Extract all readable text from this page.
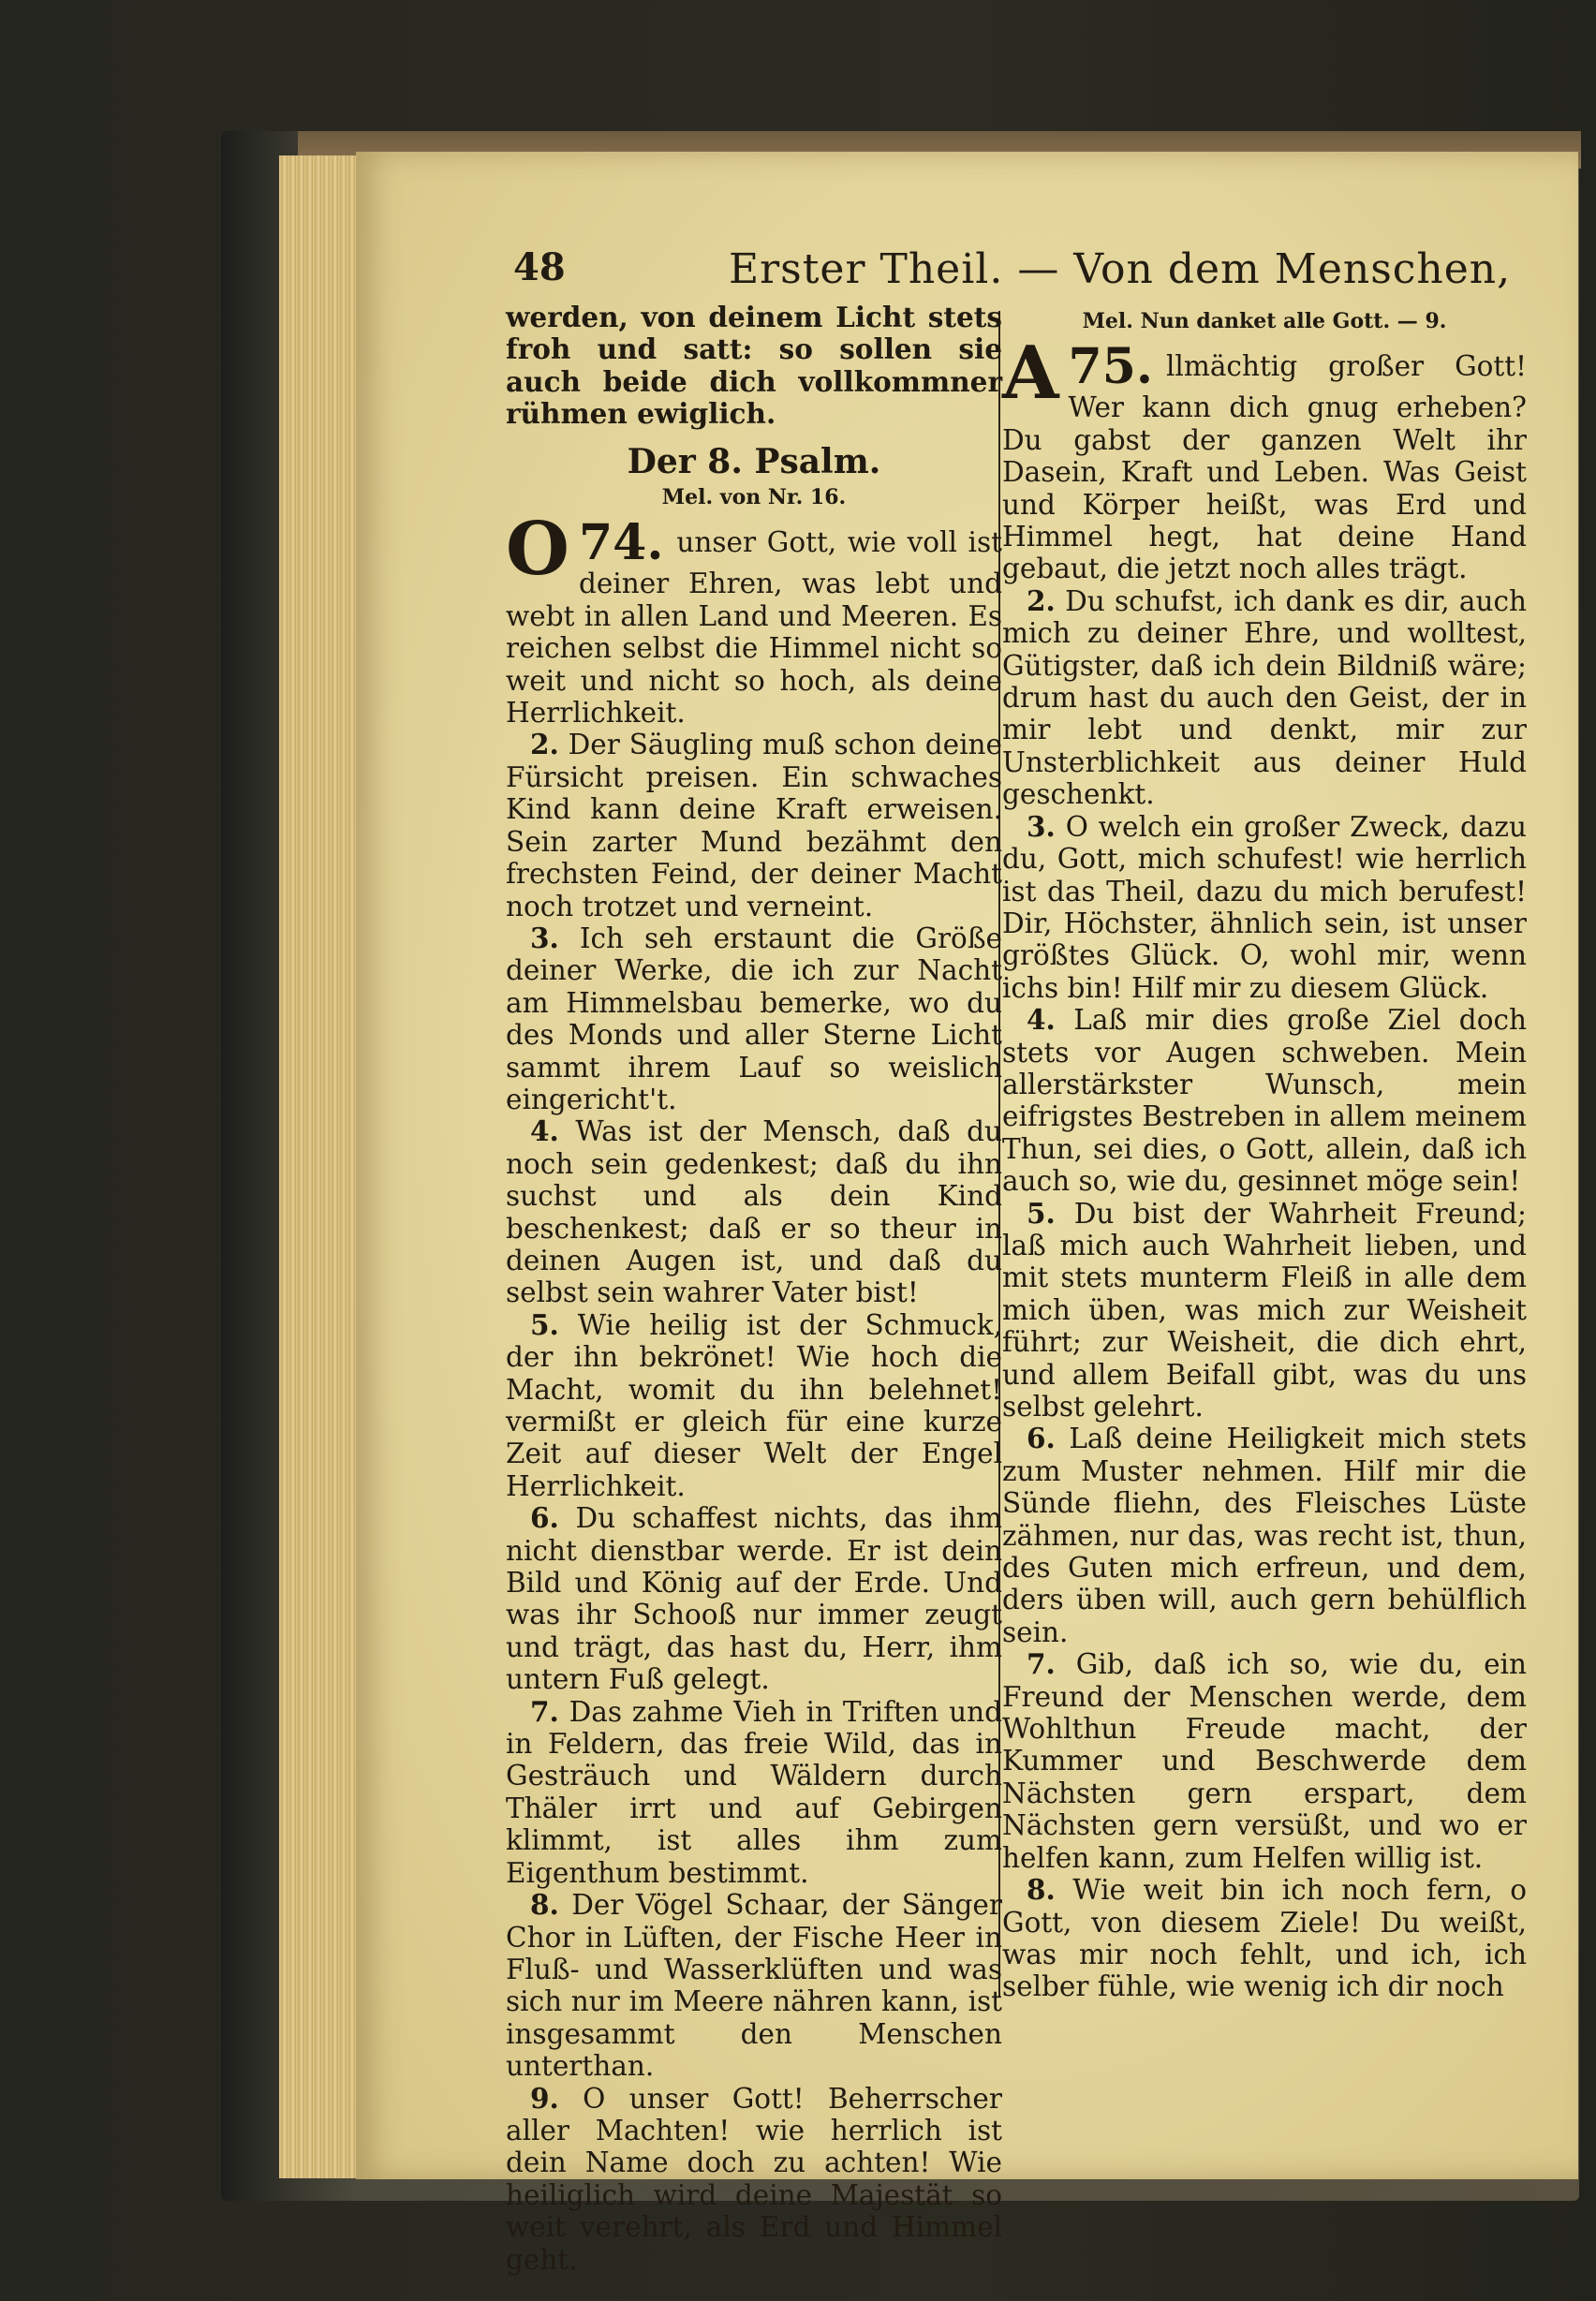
48	Erster Theil. — Von dem Menschen,

werden, von deinem Licht stets froh und satt: so sollen sie auch beide dich vollkommner rühmen ewiglich.

Der 8. Psalm.
Mel. von Nr. 16.

74.
O	unser Gott, wie voll ist deiner Ehren, was lebt und webt in allen Land und Meeren. Es reichen selbst die Himmel nicht so weit und nicht so hoch, als deine Herrlichkeit.

2. Der Säugling muß schon deine Fürsicht preisen. Ein schwaches Kind kann deine Kraft erweisen. Sein zarter Mund bezähmt den frechsten Feind, der deiner Macht noch trotzet und verneint.

3. Ich seh erstaunt die Größe deiner Werke, die ich zur Nacht am Himmelsbau bemerke, wo du des Monds und aller Sterne Licht sammt ihrem Lauf so weislich eingericht't.

4. Was ist der Mensch, daß du noch sein gedenkest; daß du ihn suchst und als dein Kind beschenkest; daß er so theur in deinen Augen ist, und daß du selbst sein wahrer Vater bist!

5. Wie heilig ist der Schmuck, der ihn bekrönet! Wie hoch die Macht, womit du ihn belehnet! vermißt er gleich für eine kurze Zeit auf dieser Welt der Engel Herrlichkeit.

6. Du schaffest nichts, das ihm nicht dienstbar werde. Er ist dein Bild und König auf der Erde. Und was ihr Schooß nur immer zeugt und trägt, das hast du, Herr, ihm untern Fuß gelegt.

7. Das zahme Vieh in Triften und in Feldern, das freie Wild, das in Gesträuch und Wäldern durch Thäler irrt und auf Gebirgen klimmt, ist alles ihm zum Eigenthum bestimmt.

8. Der Vögel Schaar, der Sänger Chor in Lüften, der Fische Heer in Fluß- und Wasserklüften und was sich nur im Meere nähren kann, ist insgesammt den Menschen unterthan.

9. O unser Gott! Beherrscher aller Machten! wie herrlich ist dein Name doch zu achten! Wie heiliglich wird deine Majestät so weit verehrt, als Erd und Himmel geht.

Mel. Nun danket alle Gott. — 9.

75.
A	llmächtig großer Gott! Wer kann dich gnug erheben? Du gabst der ganzen Welt ihr Dasein, Kraft und Leben. Was Geist und Körper heißt, was Erd und Himmel hegt, hat deine Hand gebaut, die jetzt noch alles trägt.

2. Du schufst, ich dank es dir, auch mich zu deiner Ehre, und wolltest, Gütigster, daß ich dein Bildniß wäre; drum hast du auch den Geist, der in mir lebt und denkt, mir zur Unsterblichkeit aus deiner Huld geschenkt.

3. O welch ein großer Zweck, dazu du, Gott, mich schufest! wie herrlich ist das Theil, dazu du mich berufest! Dir, Höchster, ähnlich sein, ist unser größtes Glück. O, wohl mir, wenn ichs bin! Hilf mir zu diesem Glück.

4. Laß mir dies große Ziel doch stets vor Augen schweben. Mein allerstärkster Wunsch, mein eifrigstes Bestreben in allem meinem Thun, sei dies, o Gott, allein, daß ich auch so, wie du, gesinnet möge sein!

5. Du bist der Wahrheit Freund; laß mich auch Wahrheit lieben, und mit stets munterm Fleiß in alle dem mich üben, was mich zur Weisheit führt; zur Weisheit, die dich ehrt, und allem Beifall gibt, was du uns selbst gelehrt.

6. Laß deine Heiligkeit mich stets zum Muster nehmen. Hilf mir die Sünde fliehn, des Fleisches Lüste zähmen, nur das, was recht ist, thun, des Guten mich erfreun, und dem, ders üben will, auch gern behülflich sein.

7. Gib, daß ich so, wie du, ein Freund der Menschen werde, dem Wohlthun Freude macht, der Kummer und Beschwerde dem Nächsten gern erspart, dem Nächsten gern versüßt, und wo er helfen kann, zum Helfen willig ist.

8. Wie weit bin ich noch fern, o Gott, von diesem Ziele! Du weißt, was mir noch fehlt, und ich, ich selber fühle, wie wenig ich dir noch
